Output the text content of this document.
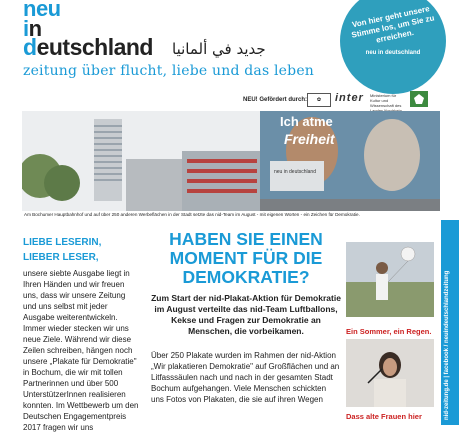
neu
in
deutschland جديد في ألمانيا
zeitung über flucht, liebe und das leben
Von hier geht unsere Stimme los, um Sie zu erreichen.
neu in deutschland
NEU! Gefördert durch:	✿	inter Ministerium für Kultur und Wissenschaft des
Ich atme
Freiheit
neu in deutschland
Am Bochumer Hauptbahnhof und auf über 250 anderen Werbeflächen in der Stadt setzte das nid-Team im August - mit eigenen Worten - ein Zeichen für Demokratie.
LIEBE LESERIN,
LIEBER LESER,
unsere siebte Ausgabe liegt in Ihren Händen und wir freuen uns, dass wir unsere Zeitung und uns selbst mit jeder Ausgabe weiterentwickeln. Immer wieder stecken wir uns neue Ziele. Während wir diese Zeilen schreiben, hängen noch unsere „Plakate für Demokratie" in Bochum, die wir mit tollen Partnerinnen und über 500 UnterstützerInnen realisieren konnten. Im Wettbewerb um den Deutschen Engagementpreis 2017 fragen wir uns
HABEN SIE EINEN MOMENT FÜR DIE DEMOKRATIE?
Zum Start der nid-Plakat-Aktion für Demokratie im August verteilte das nid-Team Luftballons, Kekse und Fragen zur Demokratie an Menschen, die vorbeikamen.
Über 250 Plakate wurden im Rahmen der nid-Aktion „Wir plakatieren Demokratie" auf Großflächen und an Litfasssäulen nach und nach in der gesamten Stadt Bochum aufgehangen. Viele Menschen schickten uns Fotos von Plakaten, die sie auf ihren Wegen
Ein Sommer, ein Regen.
Dass alte Frauen hier	nid-zeitung.de | facebook / neuindeutschlandzeitung
